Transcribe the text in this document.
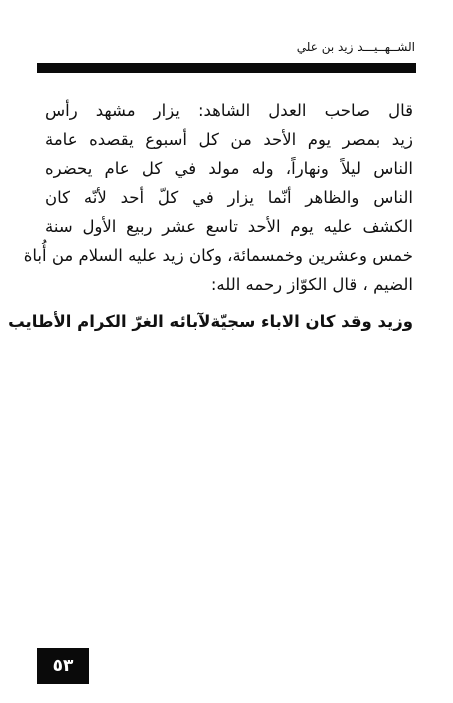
الشــهــيـــد زيد بن علي
قال صاحب العدل الشاهد: يزار مشهد رأس
زيد بمصر يوم الأحد من كل أسبوع يقصده عامة
الناس ليلاً ونهاراً، وله مولد في كل عام يحضره
الناس والظاهر أنّما يزار في كلّ أحد لأنّه كان
الكشف عليه يوم الأحد تاسع عشر ربيع الأول سنة
خمس وعشرين وخمسمائة، وكان زيد عليه السلام من أُباة
الضيم ، قال الكوّاز رحمه الله:
وزيد وقد كان الاباء سجيّة
لآبائه الغرّ الكرام الأطايب
٥٣
